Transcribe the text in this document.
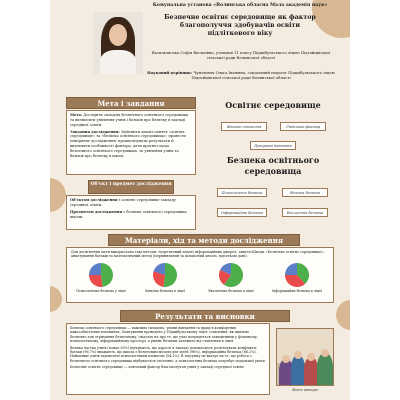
Комунальна установа «Волинська обласна Мала академія наук»
Безпечне освітнє середовище як фактор благополуччя здобувачів освіти підліткового віку
Васильовська Софія Василівна, учениця 11 класу Підцибульського ліцею Підгайцівської сільської ради Волинської області
Науковий керівник: Чумілєвич Ольга Іванівна, соціальний педагог Підцибульського ліцею Підгайцівської сільської ради Волинської області
Мета і завдання

Мета: Дослідити складові безпечного освітнього середовища та визначити уявлення учнів і батьків про безпеку в закладі середньої освіти.

Завдання дослідження: Здійснити аналіз понять «освітнє середовище» та «безпека освітнього середовища»; провести емпіричне дослідження; проаналізувати результати й визначити особливості фактора; дати прогноз щодо безпечного освітнього середовища, та уявлення учнів та батьків про безпеку в школі.

Об'єкт і предмет дослідження

Об'єктом дослідження є освітнє середовище закладу середньої освіти.

Предметом дослідження є безпека освітнього середовища школи.

Освітнє середовище
Фізичне оточення	Людський фактор
Програми навчання
Безпека освітнього середовища
Психологічна безпека	Фізична безпека
Інформаційна безпека	Екологічна безпека
Матеріали, хід та методи дослідження
Для досягнення мети використано такі методи: теоретичний аналіз інформаційних джерел, анкета-Шкоди «Безпечне освітнє середовище», анкетування батьків та математичний метод (порівняльний та кількісний аналіз, відсоткові дані).
Психологічна безпека у ліцеї	Фізична безпека в ліцеї	Екологічна безпека в ліцеї	Інформаційна безпека в ліцеї
Результати та висновки

Безпека освітнього середовища — важлива складова, умови навчання та праці в комфортних міжособистісних взаєминах. Опитування проведено у Підцибульському ліцеї: ставлення, як шкільне безпечне для отримання безпечному, свідчать на про те, що учні почуваються захищеними у фізичному, психологічному, інформаційному просторі, а рівень безпеки залежить від ставлення в ліцеї.

Велика частка учнів (понад 50%) відчувають, що дорослі в закладі допомагають розв'язувати конфлікти; батьки (96,7%) вважають, що школа є безпечним місцем для дітей (96%), інформаційна безпека (66,2%). Найменше учнів задоволені психологічним кліматом (54,2%). В підсумку це вказує на те, що робота з безпечного освітнього середовища відбувається системно, а психологічна безпека потребує подальшої уваги.

Безпечне освітнє середовище — ключовий фактор благополуччя учнів у закладі середньої освіти.

Фото автора
